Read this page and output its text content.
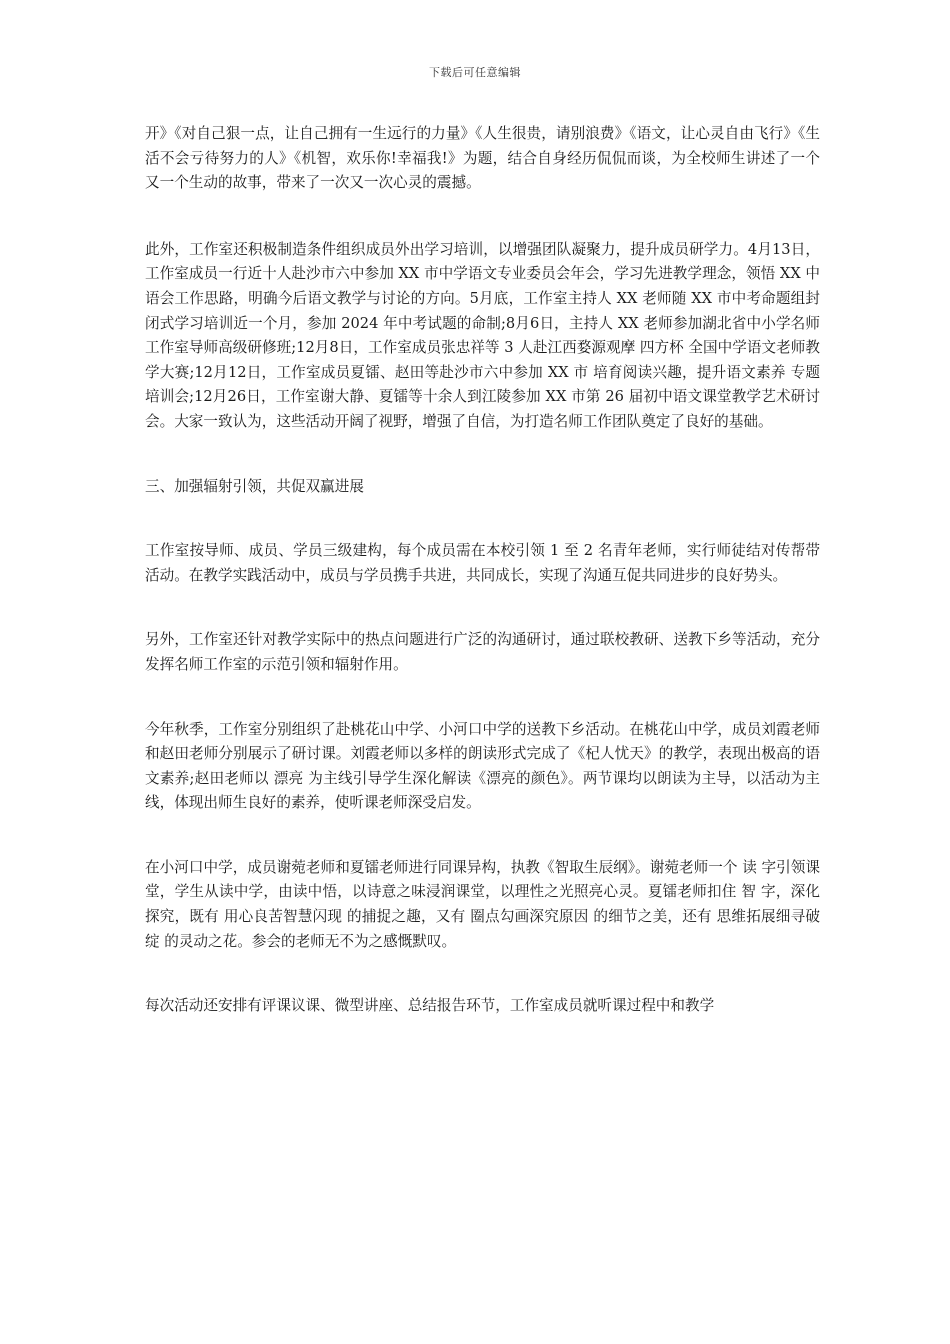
下载后可任意编辑

开》《对自己狠一点，让自己拥有一生远行的力量》《人生很贵，请别浪费》《语文，让心灵自由飞行》《生活不会亏待努力的人》《机智，欢乐你!幸福我!》为题，结合自身经历侃侃而谈，为全校师生讲述了一个又一个生动的故事，带来了一次又一次心灵的震撼。

此外，工作室还积极制造条件组织成员外出学习培训，以增强团队凝聚力，提升成员研学力。4月13日，工作室成员一行近十人赴沙市六中参加 XX 市中学语文专业委员会年会，学习先进教学理念，领悟 XX 中语会工作思路，明确今后语文教学与讨论的方向。5月底，工作室主持人 XX 老师随 XX 市中考命题组封闭式学习培训近一个月，参加 2024 年中考试题的命制;8月6日，主持人 XX 老师参加湖北省中小学名师工作室导师高级研修班;12月8日，工作室成员张忠祥等 3 人赴江西婺源观摩 四方杯 全国中学语文老师教学大赛;12月12日，工作室成员夏镭、赵田等赴沙市六中参加 XX 市 培育阅读兴趣，提升语文素养 专题培训会;12月26日，工作室谢大静、夏镭等十余人到江陵参加 XX 市第 26 届初中语文课堂教学艺术研讨会。大家一致认为，这些活动开阔了视野，增强了自信，为打造名师工作团队奠定了良好的基础。

三、加强辐射引领，共促双赢进展

工作室按导师、成员、学员三级建构，每个成员需在本校引领 1 至 2 名青年老师，实行师徒结对传帮带活动。在教学实践活动中，成员与学员携手共进，共同成长，实现了沟通互促共同进步的良好势头。

另外，工作室还针对教学实际中的热点问题进行广泛的沟通研讨，通过联校教研、送教下乡等活动，充分发挥名师工作室的示范引领和辐射作用。

今年秋季，工作室分别组织了赴桃花山中学、小河口中学的送教下乡活动。在桃花山中学，成员刘霞老师和赵田老师分别展示了研讨课。刘霞老师以多样的朗读形式完成了《杞人忧天》的教学，表现出极高的语文素养;赵田老师以 漂亮 为主线引导学生深化解读《漂亮的颜色》。两节课均以朗读为主导，以活动为主线，体现出师生良好的素养，使听课老师深受启发。

在小河口中学，成员谢菀老师和夏镭老师进行同课异构，执教《智取生辰纲》。谢菀老师一个 读 字引领课堂，学生从读中学，由读中悟，以诗意之味浸润课堂，以理性之光照亮心灵。夏镭老师扣住 智 字，深化探究，既有 用心良苦智慧闪现 的捕捉之趣，又有 圈点勾画深究原因 的细节之美，还有 思维拓展细寻破绽 的灵动之花。参会的老师无不为之感慨默叹。

每次活动还安排有评课议课、微型讲座、总结报告环节，工作室成员就听课过程中和教学
